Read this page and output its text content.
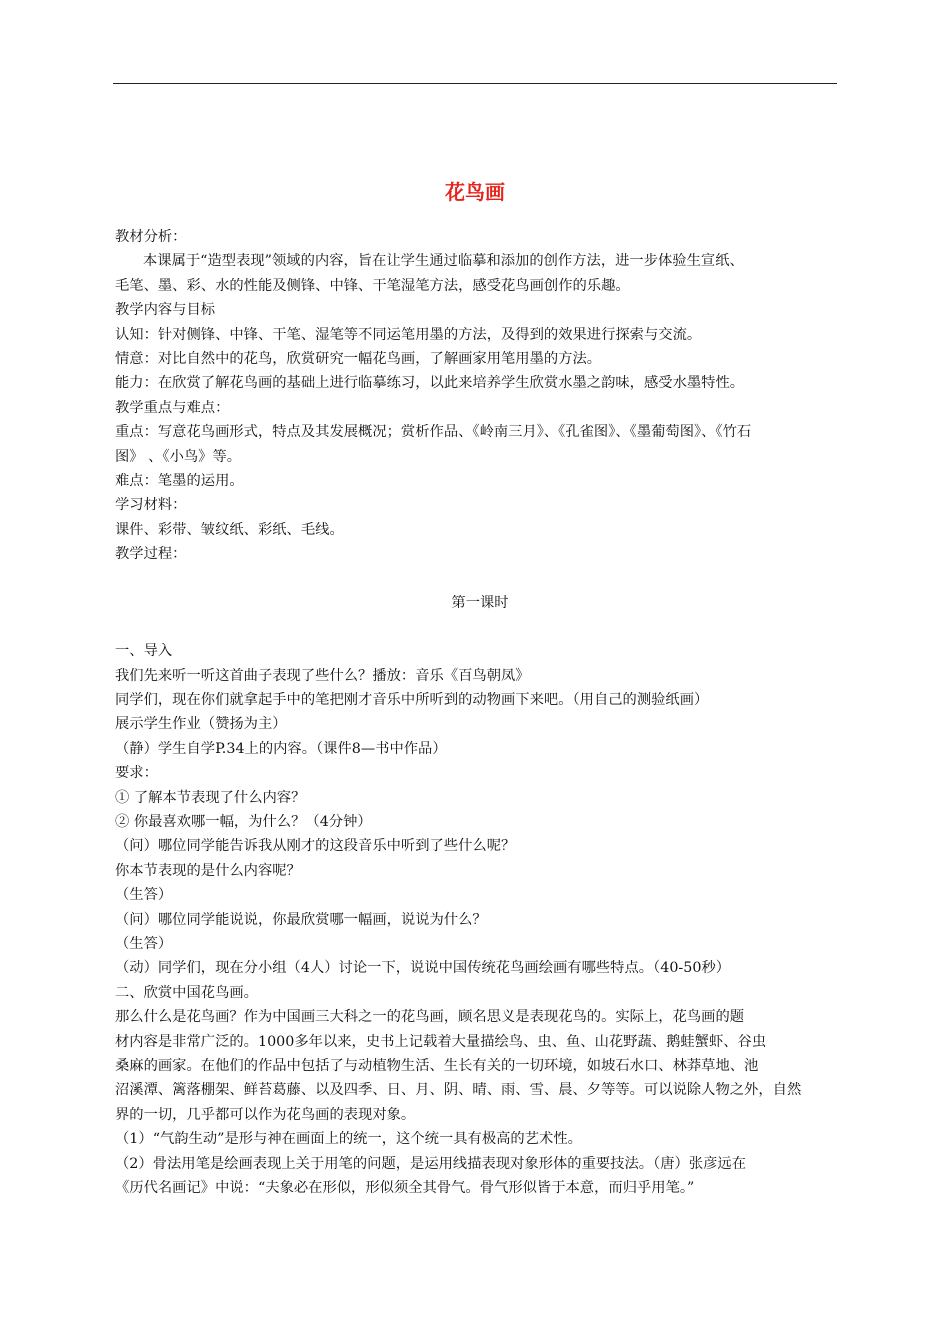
花鸟画

教材分析：

本课属于“造型表现”领域的内容，旨在让学生通过临摹和添加的创作方法，进一步体验生宣纸、

毛笔、墨、彩、水的性能及侧锋、中锋、干笔湿笔方法，感受花鸟画创作的乐趣。

教学内容与目标

认知：针对侧锋、中锋、干笔、湿笔等不同运笔用墨的方法，及得到的效果进行探索与交流。

情意：对比自然中的花鸟，欣赏研究一幅花鸟画，了解画家用笔用墨的方法。

能力：在欣赏了解花鸟画的基础上进行临摹练习，以此来培养学生欣赏水墨之韵味，感受水墨特性。

教学重点与难点：

重点：写意花鸟画形式，特点及其发展概况；赏析作品、《岭南三月》、《孔雀图》、《墨葡萄图》、《竹石

图》 、《小鸟》等。

难点：笔墨的运用。

学习材料：

课件、彩带、皱纹纸、彩纸、毛线。

教学过程：

第一课时

一、导入

我们先来听一听这首曲子表现了些什么？播放：音乐《百鸟朝凤》

同学们，现在你们就拿起手中的笔把刚才音乐中所听到的动物画下来吧。（用自己的测验纸画）

展示学生作业（赞扬为主）

（静）学生自学P.34上的内容。（课件8—书中作品）

要求：

① 了解本节表现了什么内容？

② 你最喜欢哪一幅，为什么？（4分钟）

（问）哪位同学能告诉我从刚才的这段音乐中听到了些什么呢？

你本节表现的是什么内容呢？

（生答）

（问）哪位同学能说说，你最欣赏哪一幅画，说说为什么？

（生答）

（动）同学们，现在分小组（4人）讨论一下，说说中国传统花鸟画绘画有哪些特点。（40-50秒）

二、欣赏中国花鸟画。

那么什么是花鸟画？作为中国画三大科之一的花鸟画，顾名思义是表现花鸟的。实际上，花鸟画的题

材内容是非常广泛的。1000多年以来，史书上记载着大量描绘鸟、虫、鱼、山花野蔬、鹅蛙蟹虾、谷虫

桑麻的画家。在他们的作品中包括了与动植物生活、生长有关的一切环境，如坡石水口、林莽草地、池

沼溪潭、篱落棚架、鲜苔葛藤、以及四季、日、月、阴、晴、雨、雪、晨、夕等等。可以说除人物之外，自然

界的一切，几乎都可以作为花鸟画的表现对象。

（1）“气韵生动”是形与神在画面上的统一，这个统一具有极高的艺术性。

（2）骨法用笔是绘画表现上关于用笔的问题，是运用线描表现对象形体的重要技法。（唐）张彦远在

《历代名画记》中说：“夫象必在形似，形似须全其骨气。骨气形似皆于本意，而归乎用笔。”
